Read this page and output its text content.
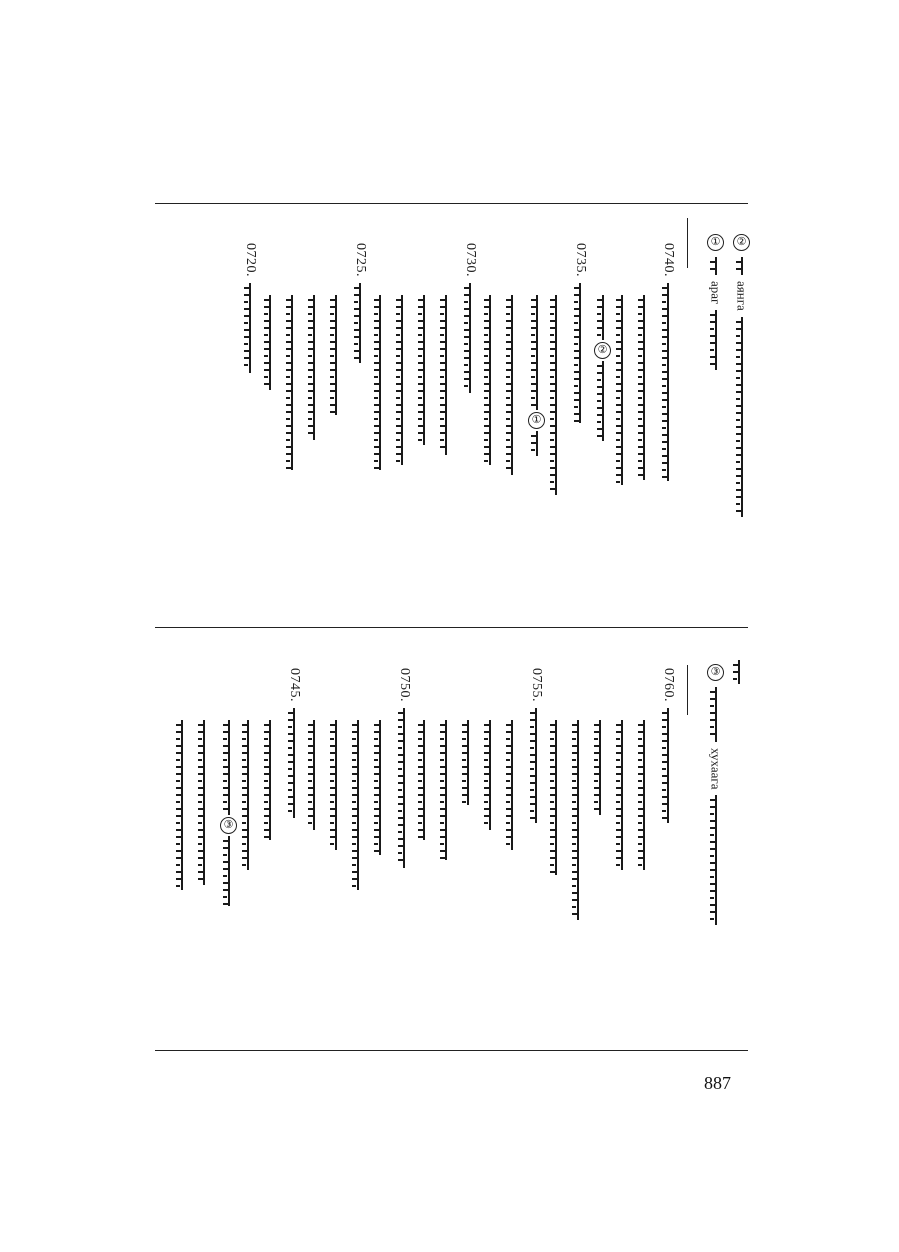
②
аянга
①
араг
0740.
②
0735.
①
0730.
0725.
0720.
③
хухаага
0760.
0755.
0750.
0745.
③
887
